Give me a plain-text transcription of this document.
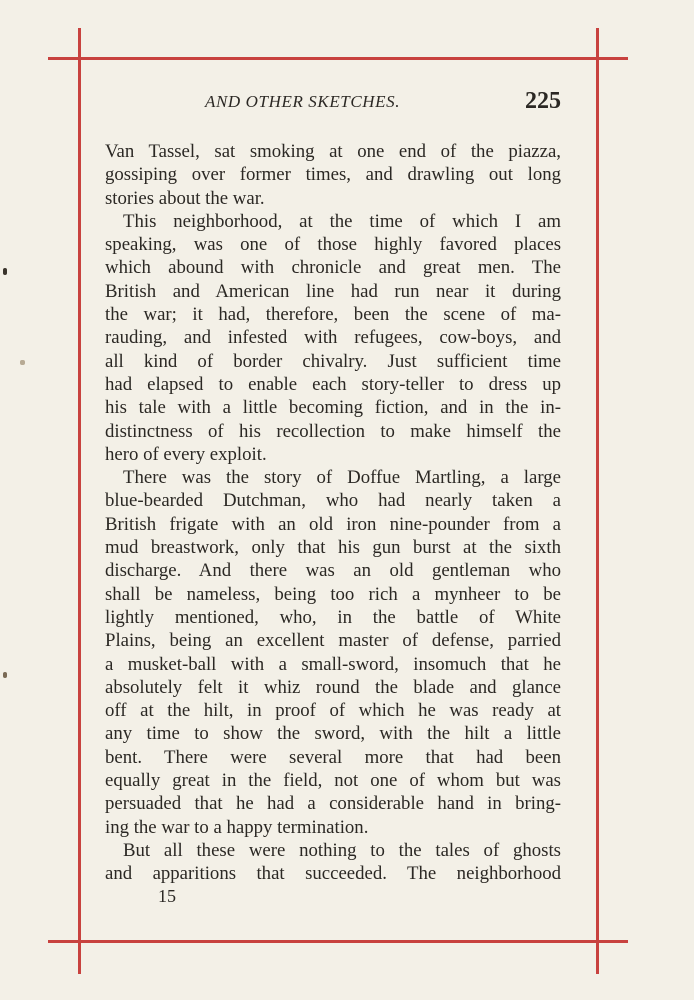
AND OTHER SKETCHES.	225
Van Tassel, sat smoking at one end of the piazza,
gossiping over former times, and drawling out long
stories about the war.
This neighborhood, at the time of which I am
speaking, was one of those highly favored places
which abound with chronicle and great men. The
British and American line had run near it during
the war; it had, therefore, been the scene of ma-
rauding, and infested with refugees, cow-boys, and
all kind of border chivalry. Just sufficient time
had elapsed to enable each story-teller to dress up
his tale with a little becoming fiction, and in the in-
distinctness of his recollection to make himself the
hero of every exploit.
There was the story of Doffue Martling, a large
blue-bearded Dutchman, who had nearly taken a
British frigate with an old iron nine-pounder from a
mud breastwork, only that his gun burst at the sixth
discharge. And there was an old gentleman who
shall be nameless, being too rich a mynheer to be
lightly mentioned, who, in the battle of White
Plains, being an excellent master of defense, parried
a musket-ball with a small-sword, insomuch that he
absolutely felt it whiz round the blade and glance
off at the hilt, in proof of which he was ready at
any time to show the sword, with the hilt a little
bent. There were several more that had been
equally great in the field, not one of whom but was
persuaded that he had a considerable hand in bring-
ing the war to a happy termination.
But all these were nothing to the tales of ghosts
and apparitions that succeeded. The neighborhood
15
